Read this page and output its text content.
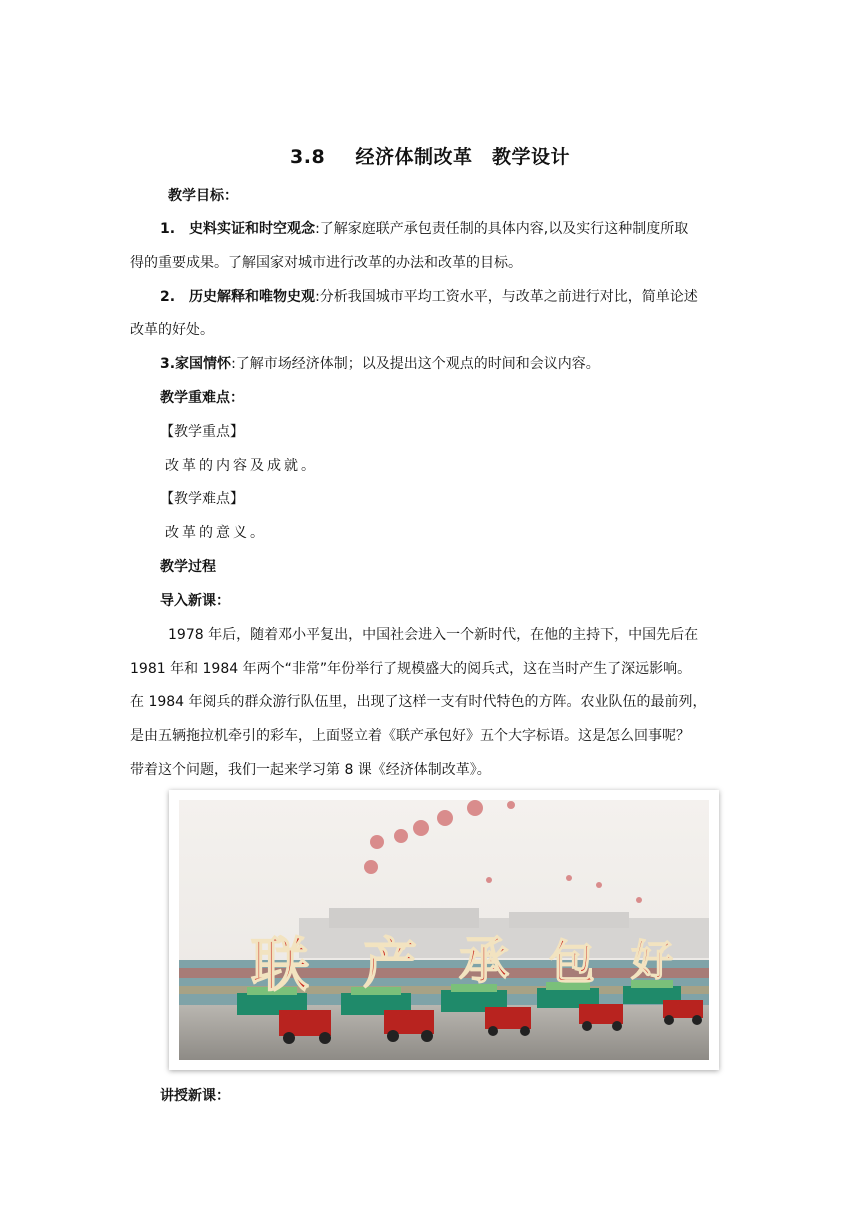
3.8 经济体制改革　教学设计
教学目标：
1.　史料实证和时空观念:了解家庭联产承包责任制的具体内容,以及实行这种制度所取
得的重要成果。了解国家对城市进行改革的办法和改革的目标。
2.　历史解释和唯物史观:分析我国城市平均工资水平，与改革之前进行对比，简单论述
改革的好处。
3.家国情怀:了解市场经济体制；以及提出这个观点的时间和会议内容。
教学重难点：
【教学重点】
改革的内容及成就。
【教学难点】
改革的意义。
教学过程
导入新课：
1978 年后，随着邓小平复出，中国社会进入一个新时代，在他的主持下，中国先后在
1981 年和 1984 年两个“非常”年份举行了规模盛大的阅兵式，这在当时产生了深远影响。
在 1984 年阅兵的群众游行队伍里，出现了这样一支有时代特色的方阵。农业队伍的最前列，
是由五辆拖拉机牵引的彩车，上面竖立着《联产承包好》五个大字标语。这是怎么回事呢？
带着这个问题，我们一起来学习第 8 课《经济体制改革》。
联 产 承 包 好
讲授新课：
